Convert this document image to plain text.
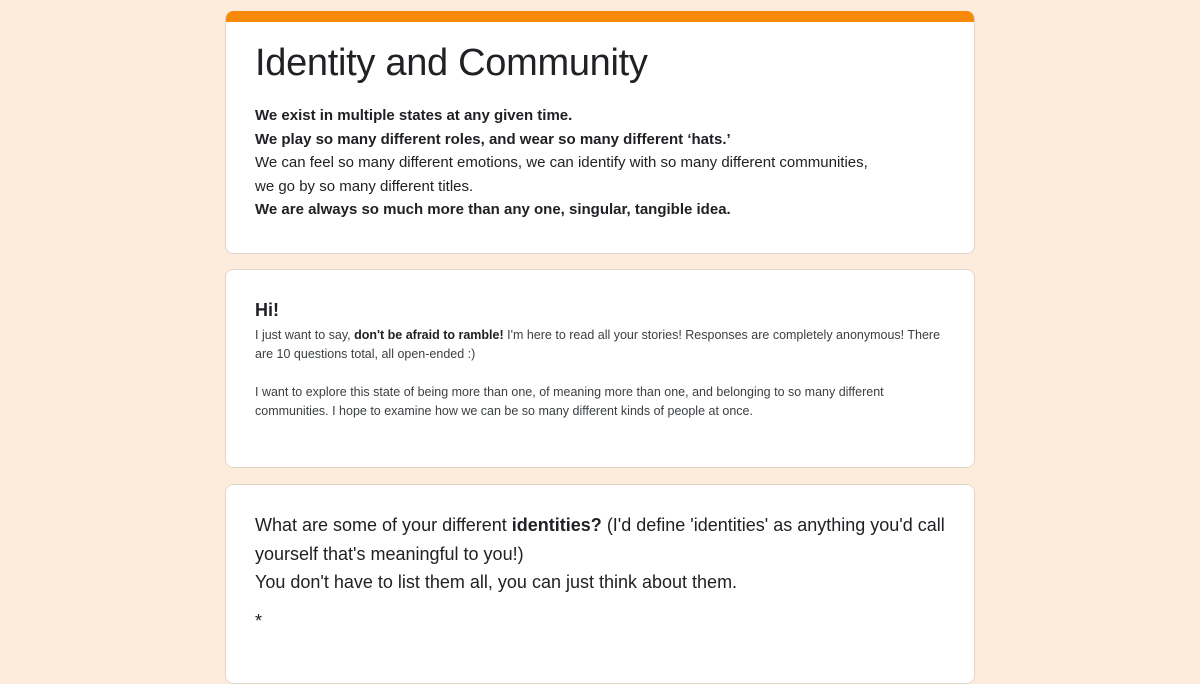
Identity and Community
We exist in multiple states at any given time.
We play so many different roles, and wear so many different ‘hats.’
We can feel so many different emotions, we can identify with so many different communities,
we go by so many different titles.
We are always so much more than any one, singular, tangible idea.
Hi!

I just want to say, don't be afraid to ramble! I'm here to read all your stories! Responses are completely anonymous! There are 10 questions total, all open-ended :)

I want to explore this state of being more than one, of meaning more than one, and belonging to so many different communities. I hope to examine how we can be so many different kinds of people at once.

What are some of your different identities? (I'd define 'identities' as anything you'd call yourself that's meaningful to you!)

You don't have to list them all, you can just think about them.

*
